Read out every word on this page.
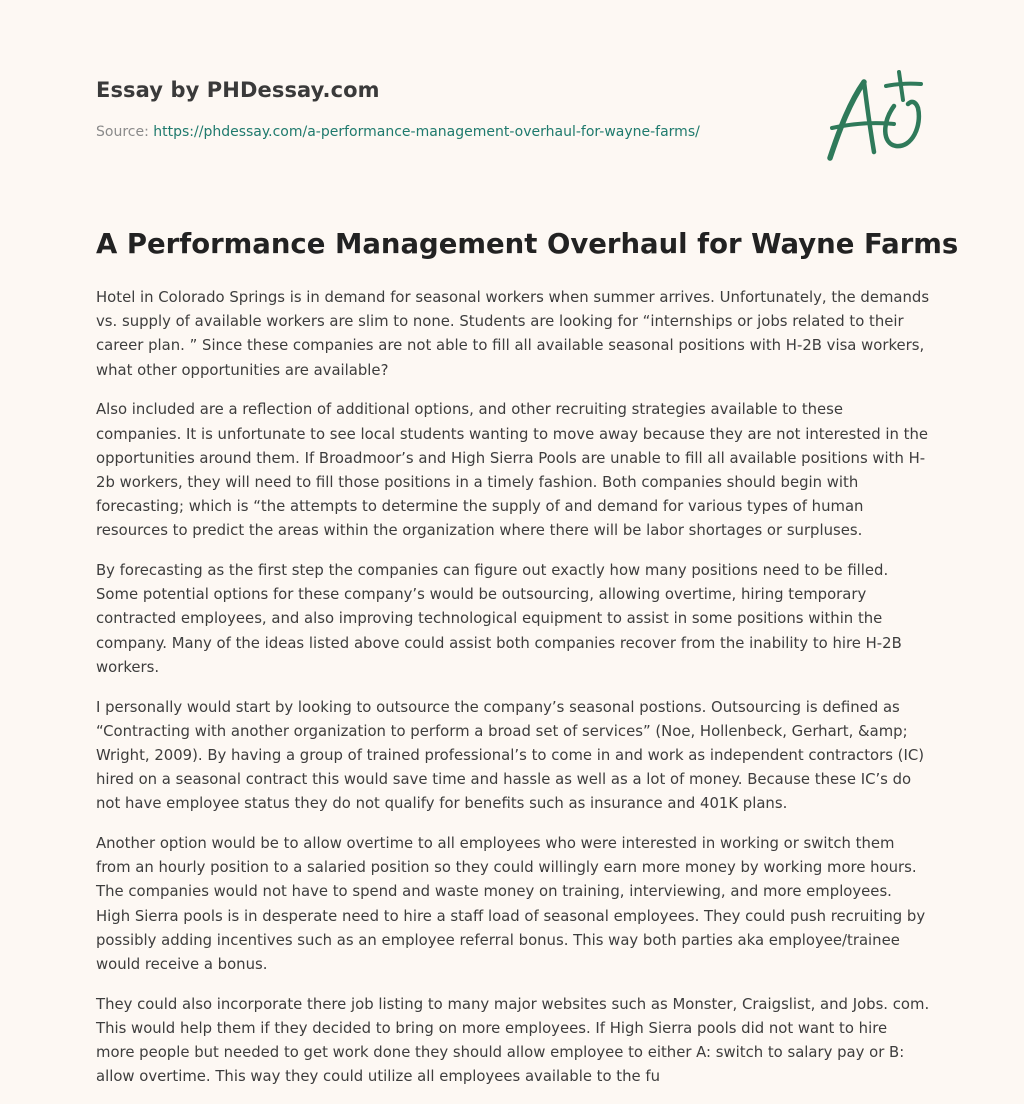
Essay by PHDessay.com
Source: https://phdessay.com/a-performance-management-overhaul-for-wayne-farms/
A Performance Management Overhaul for Wayne Farms

Hotel in Colorado Springs is in demand for seasonal workers when summer arrives. Unfortunately, the demands vs. supply of available workers are slim to none. Students are looking for “internships or jobs related to their career plan. ” Since these companies are not able to fill all available seasonal positions with H-2B visa workers, what other opportunities are available?

Also included are a reflection of additional options, and other recruiting strategies available to these companies. It is unfortunate to see local students wanting to move away because they are not interested in the opportunities around them. If Broadmoor’s and High Sierra Pools are unable to fill all available positions with H-2b workers, they will need to fill those positions in a timely fashion. Both companies should begin with forecasting; which is “the attempts to determine the supply of and demand for various types of human resources to predict the areas within the organization where there will be labor shortages or surpluses.

By forecasting as the first step the companies can figure out exactly how many positions need to be filled. Some potential options for these company’s would be outsourcing, allowing overtime, hiring temporary contracted employees, and also improving technological equipment to assist in some positions within the company. Many of the ideas listed above could assist both companies recover from the inability to hire H-2B workers.

I personally would start by looking to outsource the company’s seasonal postions. Outsourcing is defined as “Contracting with another organization to perform a broad set of services” (Noe, Hollenbeck, Gerhart, &amp; Wright, 2009). By having a group of trained professional’s to come in and work as independent contractors (IC) hired on a seasonal contract this would save time and hassle as well as a lot of money. Because these IC’s do not have employee status they do not qualify for benefits such as insurance and 401K plans.

Another option would be to allow overtime to all employees who were interested in working or switch them from an hourly position to a salaried position so they could willingly earn more money by working more hours. The companies would not have to spend and waste money on training, interviewing, and more employees. High Sierra pools is in desperate need to hire a staff load of seasonal employees. They could push recruiting by possibly adding incentives such as an employee referral bonus. This way both parties aka employee/trainee would receive a bonus.

They could also incorporate there job listing to many major websites such as Monster, Craigslist, and Jobs. com. This would help them if they decided to bring on more employees. If High Sierra pools did not want to hire more people but needed to get work done they should allow employee to either A: switch to salary pay or B: allow overtime. This way they could utilize all employees available to the fu
